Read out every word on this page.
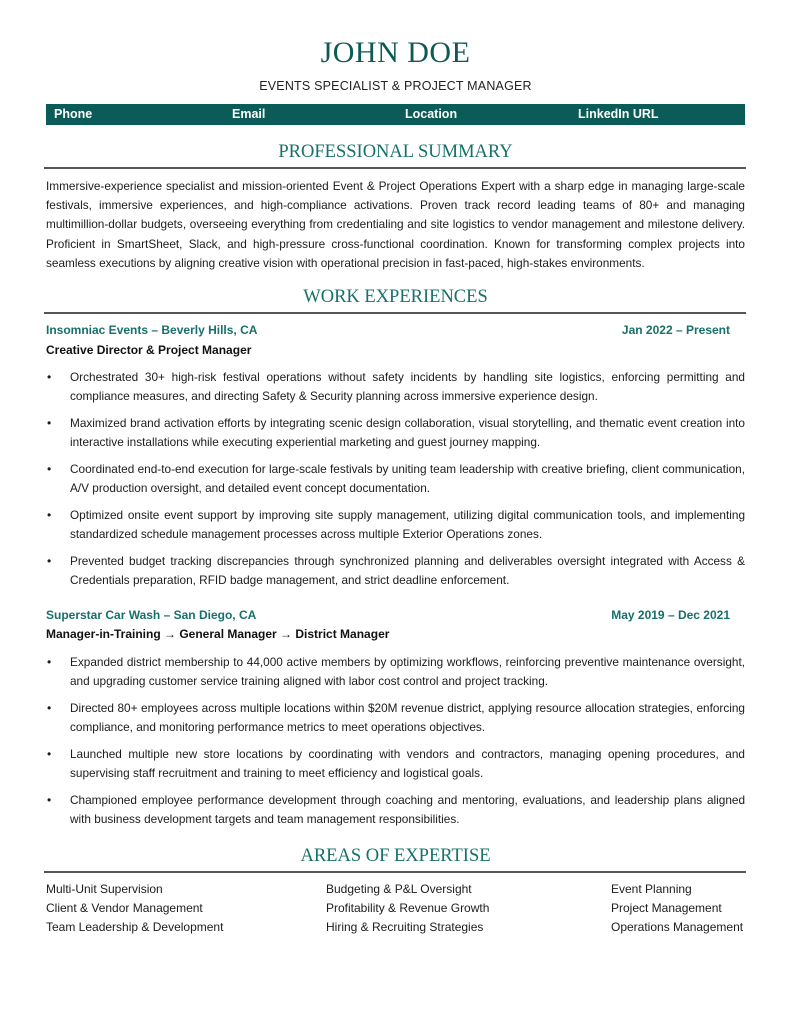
JOHN DOE
EVENTS SPECIALIST & PROJECT MANAGER
Phone	Email	Location	LinkedIn URL
PROFESSIONAL SUMMARY
Immersive-experience specialist and mission-oriented Event & Project Operations Expert with a sharp edge in managing large-scale festivals, immersive experiences, and high-compliance activations. Proven track record leading teams of 80+ and managing multimillion-dollar budgets, overseeing everything from credentialing and site logistics to vendor management and milestone delivery. Proficient in SmartSheet, Slack, and high-pressure cross-functional coordination. Known for transforming complex projects into seamless executions by aligning creative vision with operational precision in fast-paced, high-stakes environments.
WORK EXPERIENCES
Insomniac Events – Beverly Hills, CA	Jan 2022 – Present
Creative Director & Project Manager
• Orchestrated 30+ high-risk festival operations without safety incidents by handling site logistics, enforcing permitting and compliance measures, and directing Safety & Security planning across immersive experience design.
• Maximized brand activation efforts by integrating scenic design collaboration, visual storytelling, and thematic event creation into interactive installations while executing experiential marketing and guest journey mapping.
• Coordinated end-to-end execution for large-scale festivals by uniting team leadership with creative briefing, client communication, A/V production oversight, and detailed event concept documentation.
• Optimized onsite event support by improving site supply management, utilizing digital communication tools, and implementing standardized schedule management processes across multiple Exterior Operations zones.
• Prevented budget tracking discrepancies through synchronized planning and deliverables oversight integrated with Access & Credentials preparation, RFID badge management, and strict deadline enforcement.
Superstar Car Wash – San Diego, CA	May 2019 – Dec 2021
Manager-in-Training → General Manager → District Manager
• Expanded district membership to 44,000 active members by optimizing workflows, reinforcing preventive maintenance oversight, and upgrading customer service training aligned with labor cost control and project tracking.
• Directed 80+ employees across multiple locations within $20M revenue district, applying resource allocation strategies, enforcing compliance, and monitoring performance metrics to meet operations objectives.
• Launched multiple new store locations by coordinating with vendors and contractors, managing opening procedures, and supervising staff recruitment and training to meet efficiency and logistical goals.
• Championed employee performance development through coaching and mentoring, evaluations, and leadership plans aligned with business development targets and team management responsibilities.
AREAS OF EXPERTISE
Multi-Unit Supervision	Budgeting & P&L Oversight	Event Planning
Client & Vendor Management	Profitability & Revenue Growth	Project Management
Team Leadership & Development	Hiring & Recruiting Strategies	Operations Management
